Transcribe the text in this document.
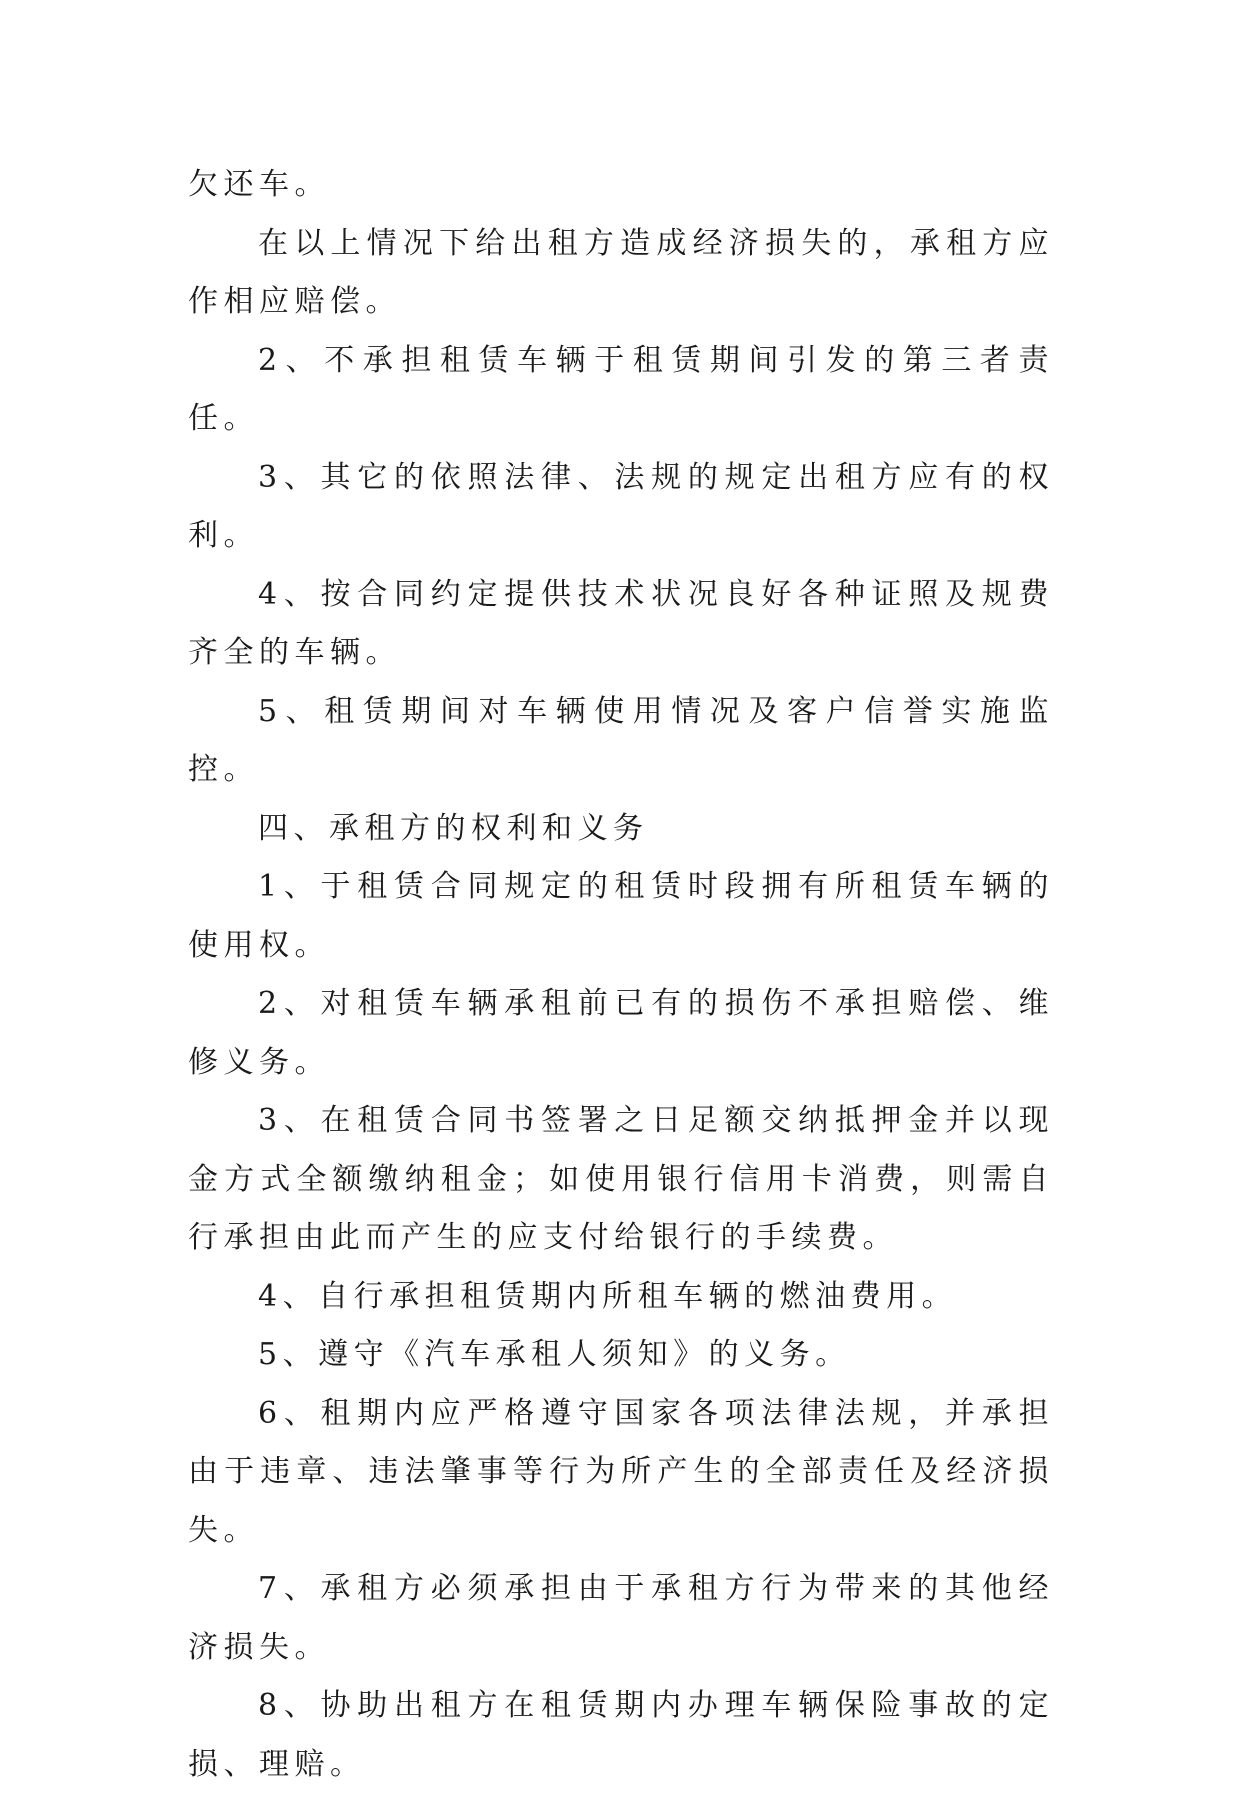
欠还车。

在以上情况下给出租方造成经济损失的，承租方应作相应赔偿。

2、不承担租赁车辆于租赁期间引发的第三者责任。

3、其它的依照法律、法规的规定出租方应有的权利。

4、按合同约定提供技术状况良好各种证照及规费齐全的车辆。

5、租赁期间对车辆使用情况及客户信誉实施监控。

四、承租方的权利和义务

1、于租赁合同规定的租赁时段拥有所租赁车辆的使用权。

2、对租赁车辆承租前已有的损伤不承担赔偿、维修义务。

3、在租赁合同书签署之日足额交纳抵押金并以现金方式全额缴纳租金；如使用银行信用卡消费，则需自行承担由此而产生的应支付给银行的手续费。

4、自行承担租赁期内所租车辆的燃油费用。

5、遵守《汽车承租人须知》的义务。

6、租期内应严格遵守国家各项法律法规，并承担由于违章、违法肇事等行为所产生的全部责任及经济损失。

7、承租方必须承担由于承租方行为带来的其他经济损失。

8、协助出租方在租赁期内办理车辆保险事故的定损、理赔。
